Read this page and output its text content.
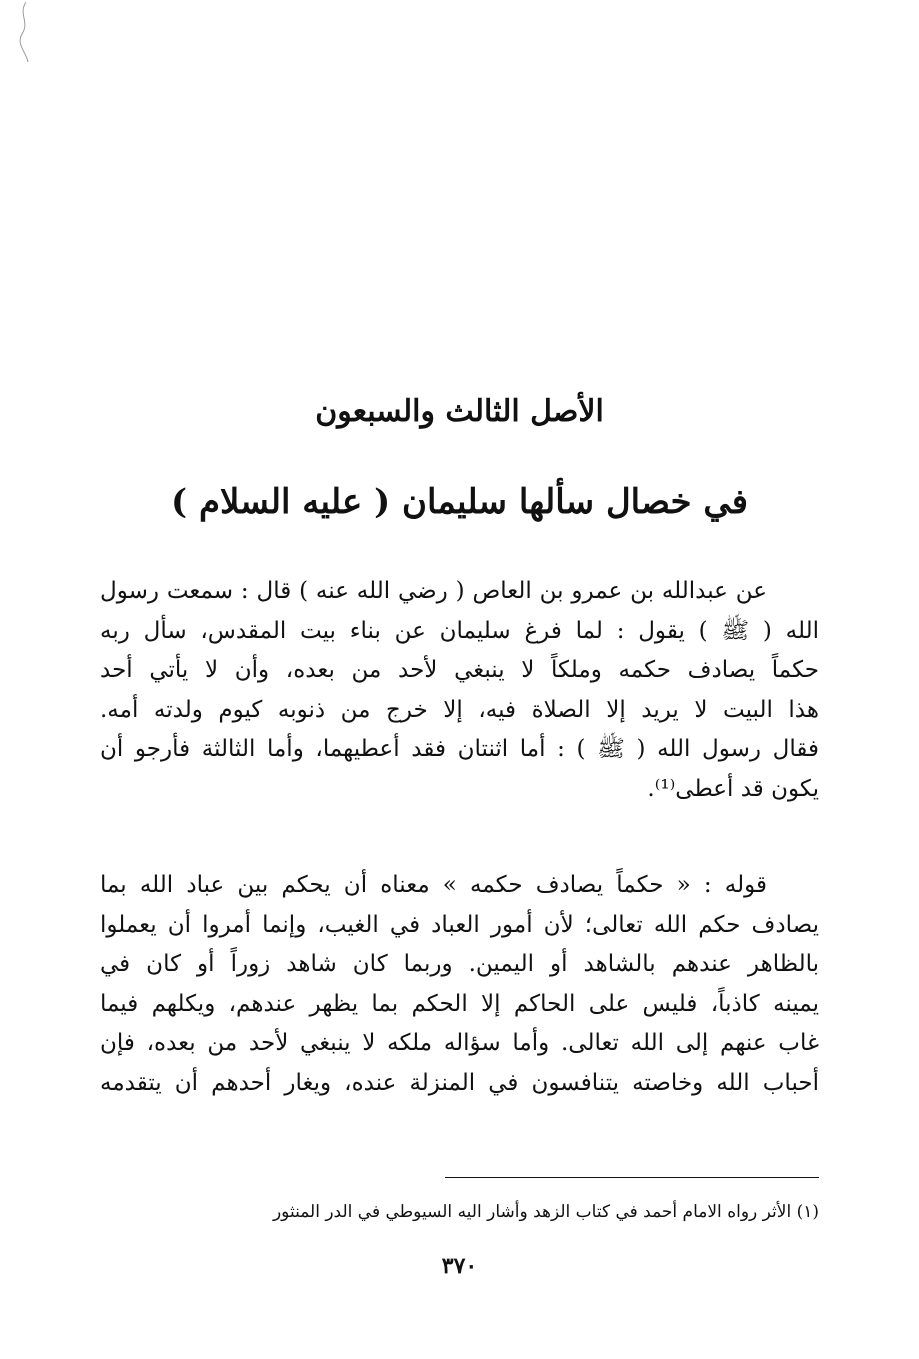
الأصل الثالث والسبعون
في خصال سألها سليمان ( عليه السلام )
عن عبدالله بن عمرو بن العاص ( رضي الله عنه ) قال : سمعت رسول
الله ( ﷺ ) يقول : لما فرغ سليمان عن بناء بيت المقدس، سأل ربه
حكماً يصادف حكمه وملكاً لا ينبغي لأحد من بعده، وأن لا يأتي أحد
هذا البيت لا يريد إلا الصلاة فيه، إلا خرج من ذنوبه كيوم ولدته أمه.
فقال رسول الله ( ﷺ ) : أما اثنتان فقد أعطيهما، وأما الثالثة فأرجو أن
يكون قد أعطى⁽¹⁾.
قوله : « حكماً يصادف حكمه » معناه أن يحكم بين عباد الله بما
يصادف حكم الله تعالى؛ لأن أمور العباد في الغيب، وإنما أمروا أن يعملوا
بالظاهر عندهم بالشاهد أو اليمين. وربما كان شاهد زوراً أو كان في
يمينه كاذباً، فليس على الحاكم إلا الحكم بما يظهر عندهم، ويكلهم فيما
غاب عنهم إلى الله تعالى. وأما سؤاله ملكه لا ينبغي لأحد من بعده، فإن
أحباب الله وخاصته يتنافسون في المنزلة عنده، ويغار أحدهم أن يتقدمه
(١) الأثر رواه الامام أحمد في كتاب الزهد وأشار اليه السيوطي في الدر المنثور
٣٧٠
